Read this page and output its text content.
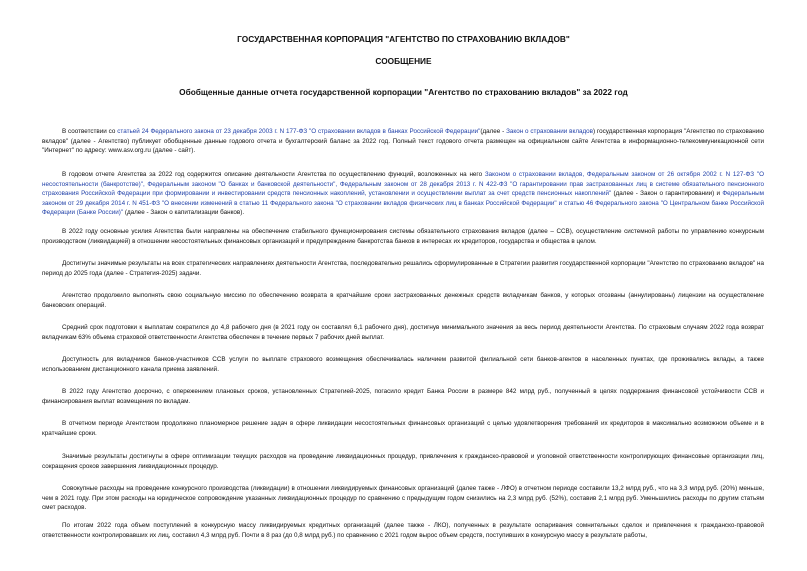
ГОСУДАРСТВЕННАЯ КОРПОРАЦИЯ "АГЕНТСТВО ПО СТРАХОВАНИЮ ВКЛАДОВ"
СООБЩЕНИЕ
Обобщенные данные отчета государственной корпорации "Агентство по страхованию вкладов" за 2022 год

В соответствии со статьей 24 Федерального закона от 23 декабря 2003 г. N 177-ФЗ "О страховании вкладов в банках Российской Федерации"(далее - Закон о страховании вкладов) государственная корпорация "Агентство по страхованию вкладов" (далее - Агентство) публикует обобщенные данные годового отчета и бухгалтерский баланс за 2022 год. Полный текст годового отчета размещен на официальном сайте Агентства в информационно-телекоммуникационной сети "Интернет" по адресу: www.asv.org.ru (далее - сайт).

В годовом отчете Агентства за 2022 год содержится описание деятельности Агентства по осуществлению функций, возложенных на него Законом о страховании вкладов, Федеральным законом от 26 октября 2002 г. N 127-ФЗ "О несостоятельности (банкротстве)", Федеральным законом "О банках и банковской деятельности", Федеральным законом от 28 декабря 2013 г. N 422-ФЗ "О гарантировании прав застрахованных лиц в системе обязательного пенсионного страхования Российской Федерации при формировании и инвестировании средств пенсионных накоплений, установлении и осуществлении выплат за счет средств пенсионных накоплений" (далее - Закон о гарантировании) и Федеральным законом от 29 декабря 2014 г. N 451-ФЗ "О внесении изменений в статью 11 Федерального закона "О страховании вкладов физических лиц в банках Российской Федерации" и статью 46 Федерального закона "О Центральном банке Российской Федерации (Банке России)" (далее - Закон о капитализации банков).

В 2022 году основные усилия Агентства были направлены на обеспечение стабильного функционирования системы обязательного страхования вкладов (далее – ССВ), осуществление системной работы по управлению конкурсным производством (ликвидацией) в отношении несостоятельных финансовых организаций и предупреждение банкротства банков в интересах их кредиторов, государства и общества в целом.

Достигнуты значимые результаты на всех стратегических направлениях деятельности Агентства, последовательно решались сформулированные в Стратегии развития государственной корпорации "Агентство по страхованию вкладов" на период до 2025 года (далее - Стратегия-2025) задачи.

Агентство продолжило выполнять свою социальную миссию по обеспечению возврата в кратчайшие сроки застрахованных денежных средств вкладчикам банков, у которых отозваны (аннулированы) лицензии на осуществление банковских операций.

Средний срок подготовки к выплатам сократился до 4,8 рабочего дня (в 2021 году он составлял 6,1 рабочего дня), достигнув минимального значения за весь период деятельности Агентства. По страховым случаям 2022 года возврат вкладчикам 63% объема страховой ответственности Агентства обеспечен в течение первых 7 рабочих дней выплат.

Доступность для вкладчиков банков-участников ССВ услуги по выплате страхового возмещения обеспечивалась наличием развитой филиальной сети банков-агентов в населенных пунктах, где проживались вклады, а также использованием дистанционного канала приема заявлений.

В 2022 году Агентство досрочно, с опережением плановых сроков, установленных Стратегией-2025, погасило кредит Банка России в размере 842 млрд руб., полученный в целях поддержания финансовой устойчивости ССВ и финансирования выплат возмещения по вкладам.

В отчетном периоде Агентством продолжено планомерное решение задач в сфере ликвидации несостоятельных финансовых организаций с целью удовлетворения требований их кредиторов в максимально возможном объеме и в кратчайшие сроки.

Значимые результаты достигнуты в сфере оптимизации текущих расходов на проведение ликвидационных процедур, привлечения к гражданско-правовой и уголовной ответственности контролирующих финансовые организации лиц, сокращения сроков завершения ликвидационных процедур.

Совокупные расходы на проведение конкурсного производства (ликвидации) в отношении ликвидируемых финансовых организаций (далее также - ЛФО) в отчетном периоде составили 13,2 млрд руб., что на 3,3 млрд руб. (20%) меньше, чем в 2021 году. При этом расходы на юридическое сопровождение указанных ликвидационных процедур по сравнению с предыдущим годом снизились на 2,3 млрд руб. (52%), составив 2,1 млрд руб. Уменьшились расходы по другим статьям смет расходов.

По итогам 2022 года объем поступлений в конкурсную массу ликвидируемых кредитных организаций (далее также - ЛКО), полученных в результате оспаривания сомнительных сделок и привлечения к гражданско-правовой ответственности контролировавших их лиц, составил 4,3 млрд руб. Почти в 8 раз (до 0,8 млрд руб.) по сравнению с 2021 годом вырос объем средств, поступивших в конкурсную массу в результате работы,
